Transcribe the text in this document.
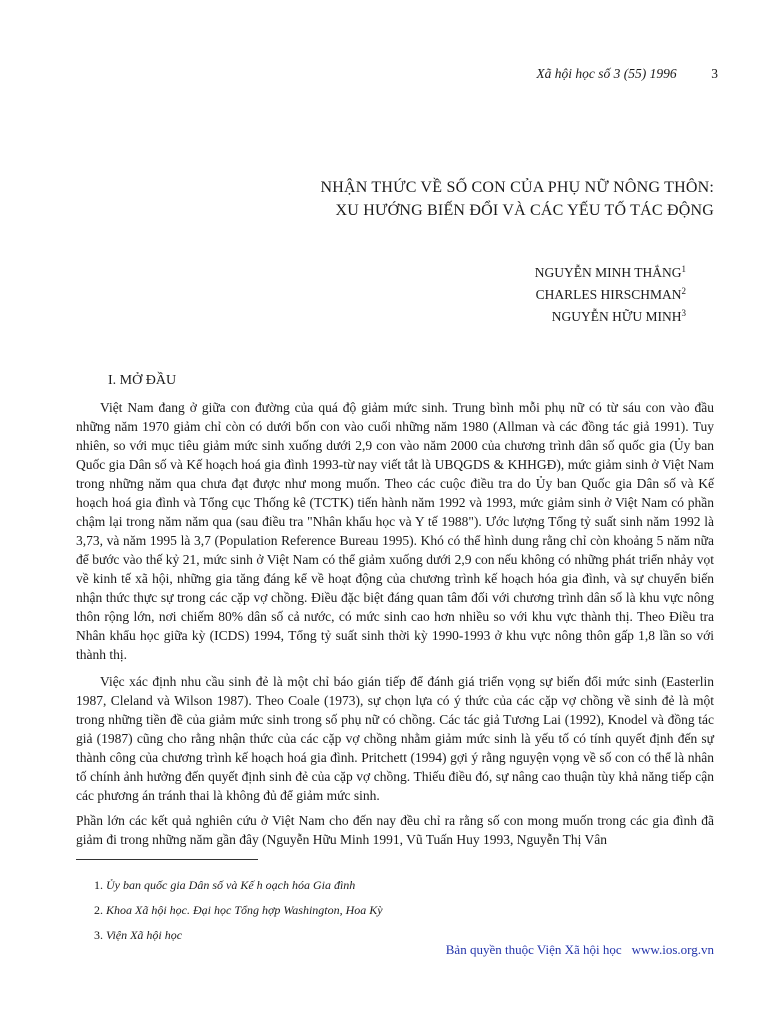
Xã hội học số 3 (55) 1996	3
NHẬN THỨC VỀ SỐ CON CỦA PHỤ NỮ NÔNG THÔN:
XU HƯỚNG BIẾN ĐỔI VÀ CÁC YẾU TỐ TÁC ĐỘNG
NGUYỄN MINH THẮNG$^1$
CHARLES HIRSCHMAN$^2$
NGUYỄN HỮU MINH$^3$
I. MỞ ĐẦU

Việt Nam đang ở giữa con đường của quá độ giảm mức sinh. Trung bình mỗi phụ nữ có từ sáu con vào đầu những năm 1970 giảm chỉ còn có dưới bốn con vào cuối những năm 1980 (Allman và các đồng tác giả 1991). Tuy nhiên, so với mục tiêu giảm mức sinh xuống dưới 2,9 con vào năm 2000 của chương trình dân số quốc gia (Ủy ban Quốc gia Dân số và Kế hoạch hoá gia đình 1993-từ nay viết tắt là UBQGDS & KHHGĐ), mức giảm sinh ở Việt Nam trong những năm qua chưa đạt được như mong muốn. Theo các cuộc điều tra do Ủy ban Quốc gia Dân số và Kế hoạch hoá gia đình và Tổng cục Thống kê (TCTK) tiến hành năm 1992 và 1993, mức giảm sinh ở Việt Nam có phần chậm lại trong năm năm qua (sau điều tra "Nhân khẩu học và Y tế 1988"). Ước lượng Tổng tỷ suất sinh năm 1992 là 3,73, và năm 1995 là 3,7 (Population Reference Bureau 1995). Khó có thể hình dung rằng chỉ còn khoảng 5 năm nữa để bước vào thế kỷ 21, mức sinh ở Việt Nam có thể giảm xuống dưới 2,9 con nếu không có những phát triển nhảy vọt về kinh tế xã hội, những gia tăng đáng kể về hoạt động của chương trình kế hoạch hóa gia đình, và sự chuyển biến nhận thức thực sự trong các cặp vợ chồng. Điều đặc biệt đáng quan tâm đối với chương trình dân số là khu vực nông thôn rộng lớn, nơi chiếm 80% dân số cả nước, có mức sinh cao hơn nhiều so với khu vực thành thị. Theo Điều tra Nhân khẩu học giữa kỳ (ICDS) 1994, Tổng tỷ suất sinh thời kỳ 1990-1993 ở khu vực nông thôn gấp 1,8 lần so với thành thị.

Việc xác định nhu cầu sinh đẻ là một chỉ báo gián tiếp để đánh giá triển vọng sự biến đổi mức sinh (Easterlin 1987, Cleland và Wilson 1987). Theo Coale (1973), sự chọn lựa có ý thức của các cặp vợ chồng về sinh đẻ là một trong những tiền đề của giảm mức sinh trong số phụ nữ có chồng. Các tác giả Tương Lai (1992), Knodel và đồng tác giả (1987) cũng cho rằng nhận thức của các cặp vợ chồng nhằm giảm mức sinh là yếu tố có tính quyết định đến sự thành công của chương trình kế hoạch hoá gia đình. Pritchett (1994) gợi ý rằng nguyện vọng về số con có thể là nhân tố chính ảnh hưởng đến quyết định sinh đẻ của cặp vợ chồng. Thiếu điều đó, sự nâng cao thuận tùy khả năng tiếp cận các phương án tránh thai là không đủ để giảm mức sinh.

Phần lớn các kết quả nghiên cứu ở Việt Nam cho đến nay đều chỉ ra rằng số con mong muốn trong các gia đình đã giảm đi trong những năm gần đây (Nguyễn Hữu Minh 1991, Vũ Tuấn Huy 1993, Nguyễn Thị Vân

1. Ủy ban quốc gia Dân số và Kế h oạch hóa Gia đình
2. Khoa Xã hội học. Đại học Tổng hợp Washington, Hoa Kỳ
3. Viện Xã hội học
Bản quyền thuộc Viện Xã hội học www.ios.org.vn
